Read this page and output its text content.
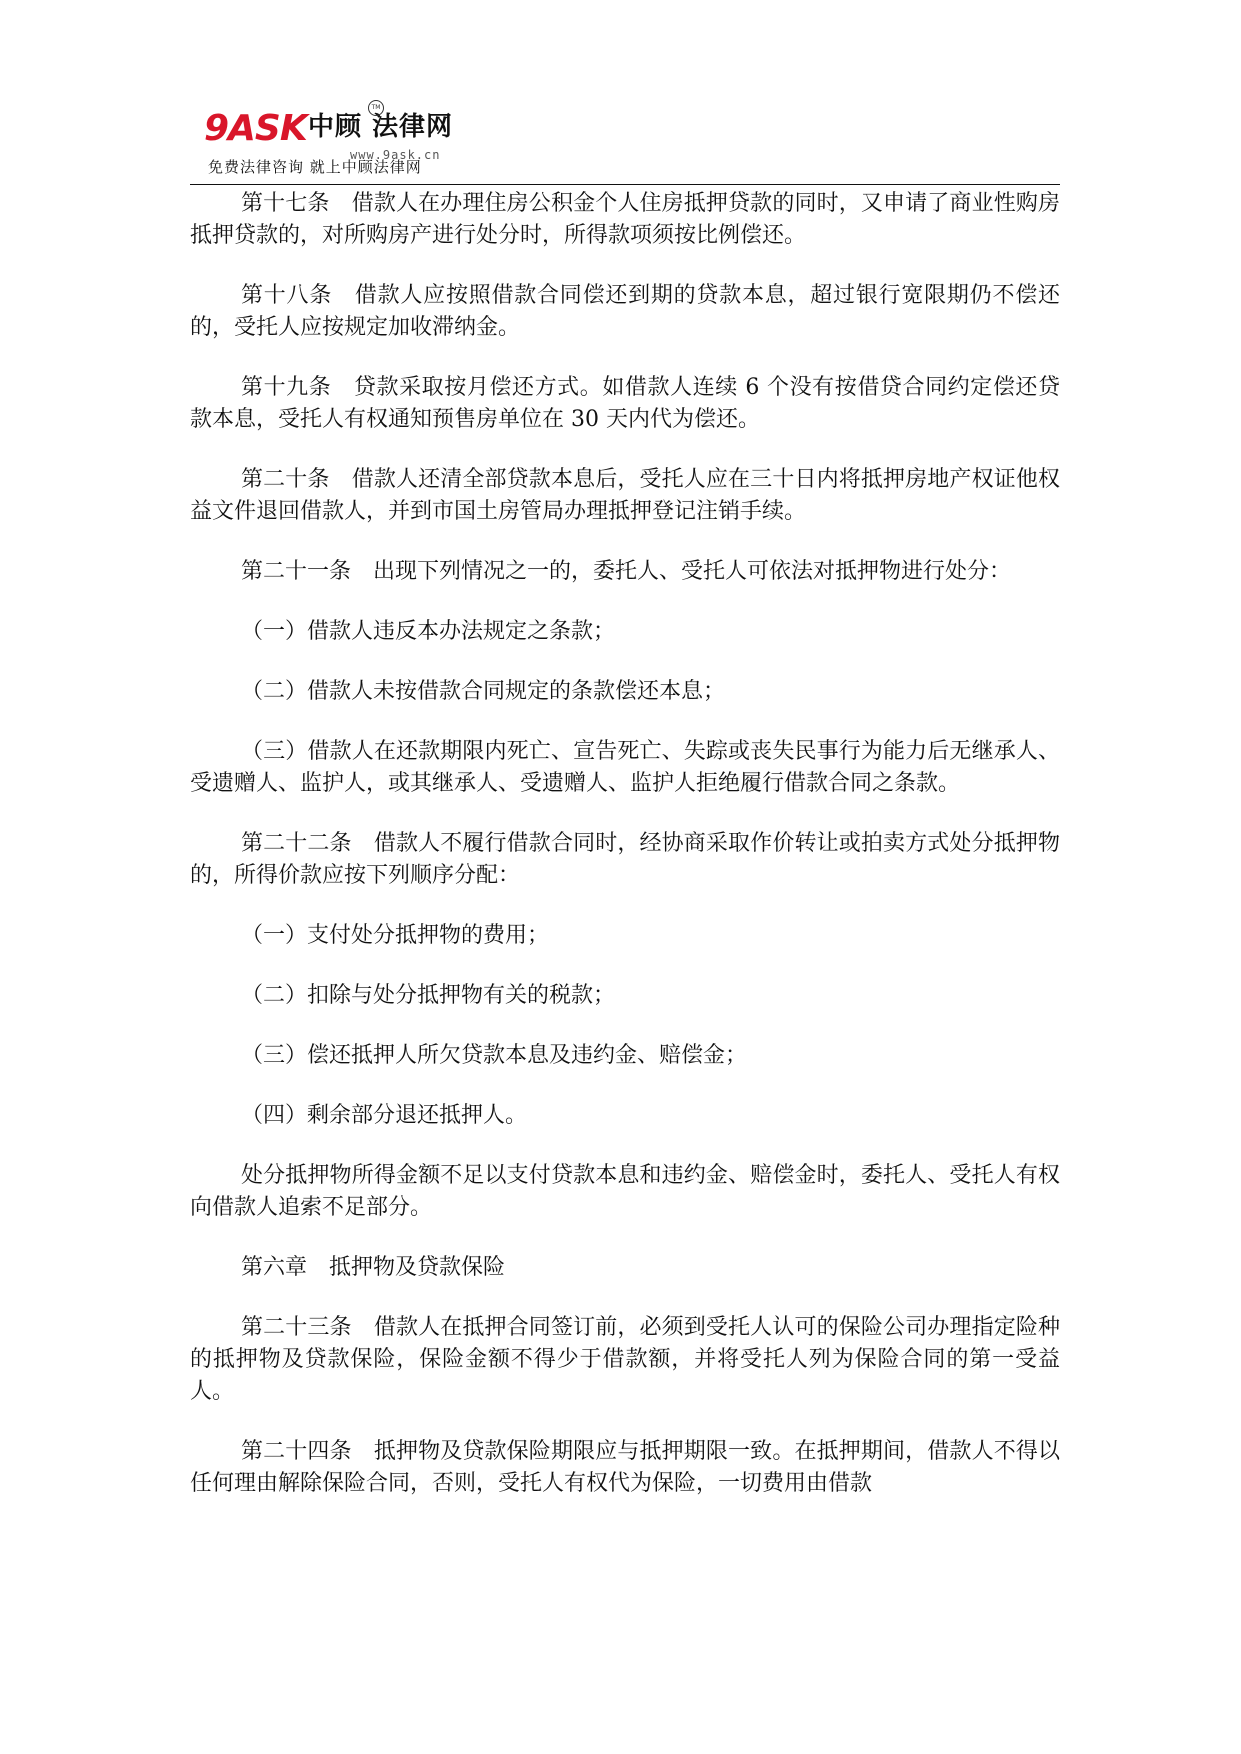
9ASK 中顾 法律网
TM
www.9ask.cn
免费法律咨询 就上中顾法律网

第十七条　借款人在办理住房公积金个人住房抵押贷款的同时，又申请了商业性购房抵押贷款的，对所购房产进行处分时，所得款项须按比例偿还。

第十八条　借款人应按照借款合同偿还到期的贷款本息，超过银行宽限期仍不偿还的，受托人应按规定加收滞纳金。

第十九条　贷款采取按月偿还方式。如借款人连续 6 个没有按借贷合同约定偿还贷款本息，受托人有权通知预售房单位在 30 天内代为偿还。

第二十条　借款人还清全部贷款本息后，受托人应在三十日内将抵押房地产权证他权益文件退回借款人，并到市国土房管局办理抵押登记注销手续。

第二十一条　出现下列情况之一的，委托人、受托人可依法对抵押物进行处分：

（一）借款人违反本办法规定之条款；

（二）借款人未按借款合同规定的条款偿还本息；

（三）借款人在还款期限内死亡、宣告死亡、失踪或丧失民事行为能力后无继承人、受遗赠人、监护人，或其继承人、受遗赠人、监护人拒绝履行借款合同之条款。

第二十二条　借款人不履行借款合同时，经协商采取作价转让或拍卖方式处分抵押物的，所得价款应按下列顺序分配：

（一）支付处分抵押物的费用；

（二）扣除与处分抵押物有关的税款；

（三）偿还抵押人所欠贷款本息及违约金、赔偿金；

（四）剩余部分退还抵押人。

处分抵押物所得金额不足以支付贷款本息和违约金、赔偿金时，委托人、受托人有权向借款人追索不足部分。

第六章　抵押物及贷款保险

第二十三条　借款人在抵押合同签订前，必须到受托人认可的保险公司办理指定险种的抵押物及贷款保险，保险金额不得少于借款额，并将受托人列为保险合同的第一受益人。

第二十四条　抵押物及贷款保险期限应与抵押期限一致。在抵押期间，借款人不得以任何理由解除保险合同，否则，受托人有权代为保险，一切费用由借款
